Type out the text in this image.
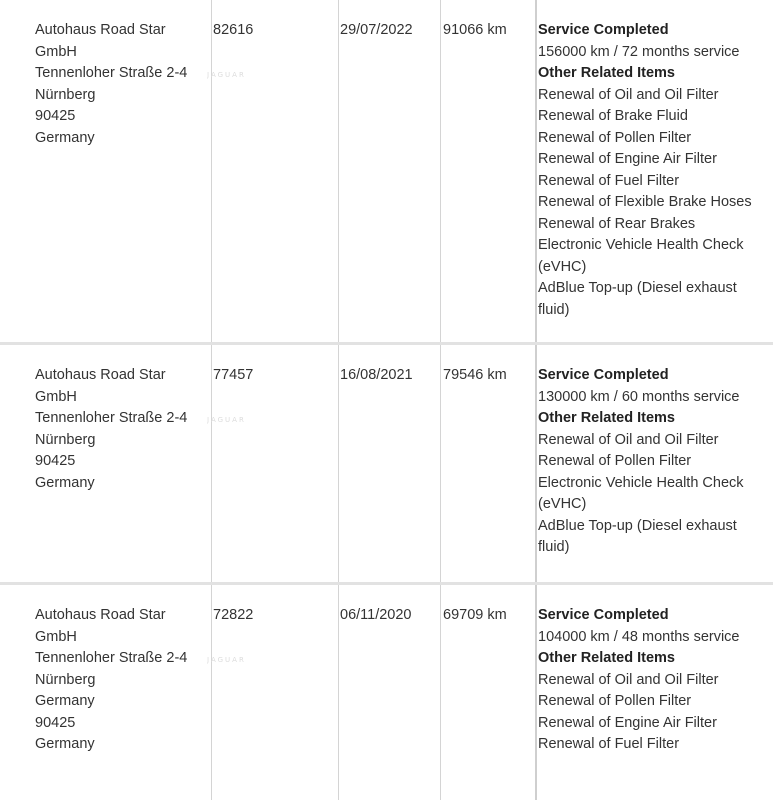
Autohaus Road Star GmbH
Tennenloher Straße 2-4
Nürnberg
90425
Germany
JAGUAR
82616	29/07/2022	91066 km	Service Completed
156000 km / 72 months service
Other Related Items
Renewal of Oil and Oil Filter
Renewal of Brake Fluid
Renewal of Pollen Filter
Renewal of Engine Air Filter
Renewal of Fuel Filter
Renewal of Flexible Brake Hoses
Renewal of Rear Brakes
Electronic Vehicle Health Check (eVHC)
AdBlue Top-up (Diesel exhaust fluid)
Autohaus Road Star GmbH
Tennenloher Straße 2-4
Nürnberg
90425
Germany
JAGUAR
77457	16/08/2021	79546 km	Service Completed
130000 km / 60 months service
Other Related Items
Renewal of Oil and Oil Filter
Renewal of Pollen Filter
Electronic Vehicle Health Check (eVHC)
AdBlue Top-up (Diesel exhaust fluid)
Autohaus Road Star GmbH
Tennenloher Straße 2-4
Nürnberg
Germany
90425
Germany
JAGUAR
72822	06/11/2020	69709 km	Service Completed
104000 km / 48 months service
Other Related Items
Renewal of Oil and Oil Filter
Renewal of Pollen Filter
Renewal of Engine Air Filter
Renewal of Fuel Filter
